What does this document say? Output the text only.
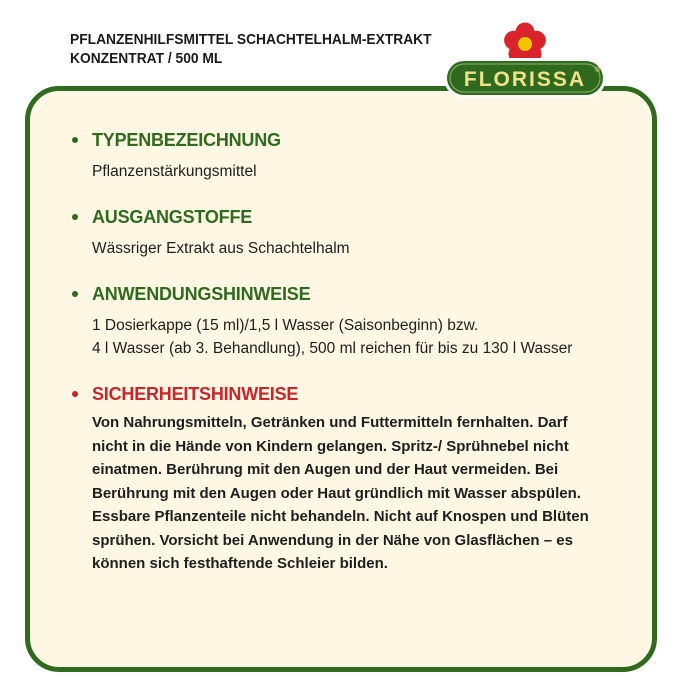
PFLANZENHILFSMITTEL SCHACHTELHALM-EXTRAKT
KONZENTRAT / 500 ML
FLORISSA ®
TYPENBEZEICHNUNG
Pflanzenstärkungsmittel
AUSGANGSTOFFE
Wässriger Extrakt aus Schachtelhalm
ANWENDUNGSHINWEISE
1 Dosierkappe (15 ml)/1,5 l Wasser (Saisonbeginn) bzw.
4 l Wasser (ab 3. Behandlung), 500 ml reichen für bis zu 130 l Wasser
SICHERHEITSHINWEISE
Von Nahrungsmitteln, Getränken und Futtermitteln fernhalten. Darf
nicht in die Hände von Kindern gelangen. Spritz-/ Sprühnebel nicht
einatmen. Berührung mit den Augen und der Haut vermeiden. Bei
Berührung mit den Augen oder Haut gründlich mit Wasser abspülen.
Essbare Pflanzenteile nicht behandeln. Nicht auf Knospen und Blüten
sprühen. Vorsicht bei Anwendung in der Nähe von Glasflächen – es
können sich festhaftende Schleier bilden.
